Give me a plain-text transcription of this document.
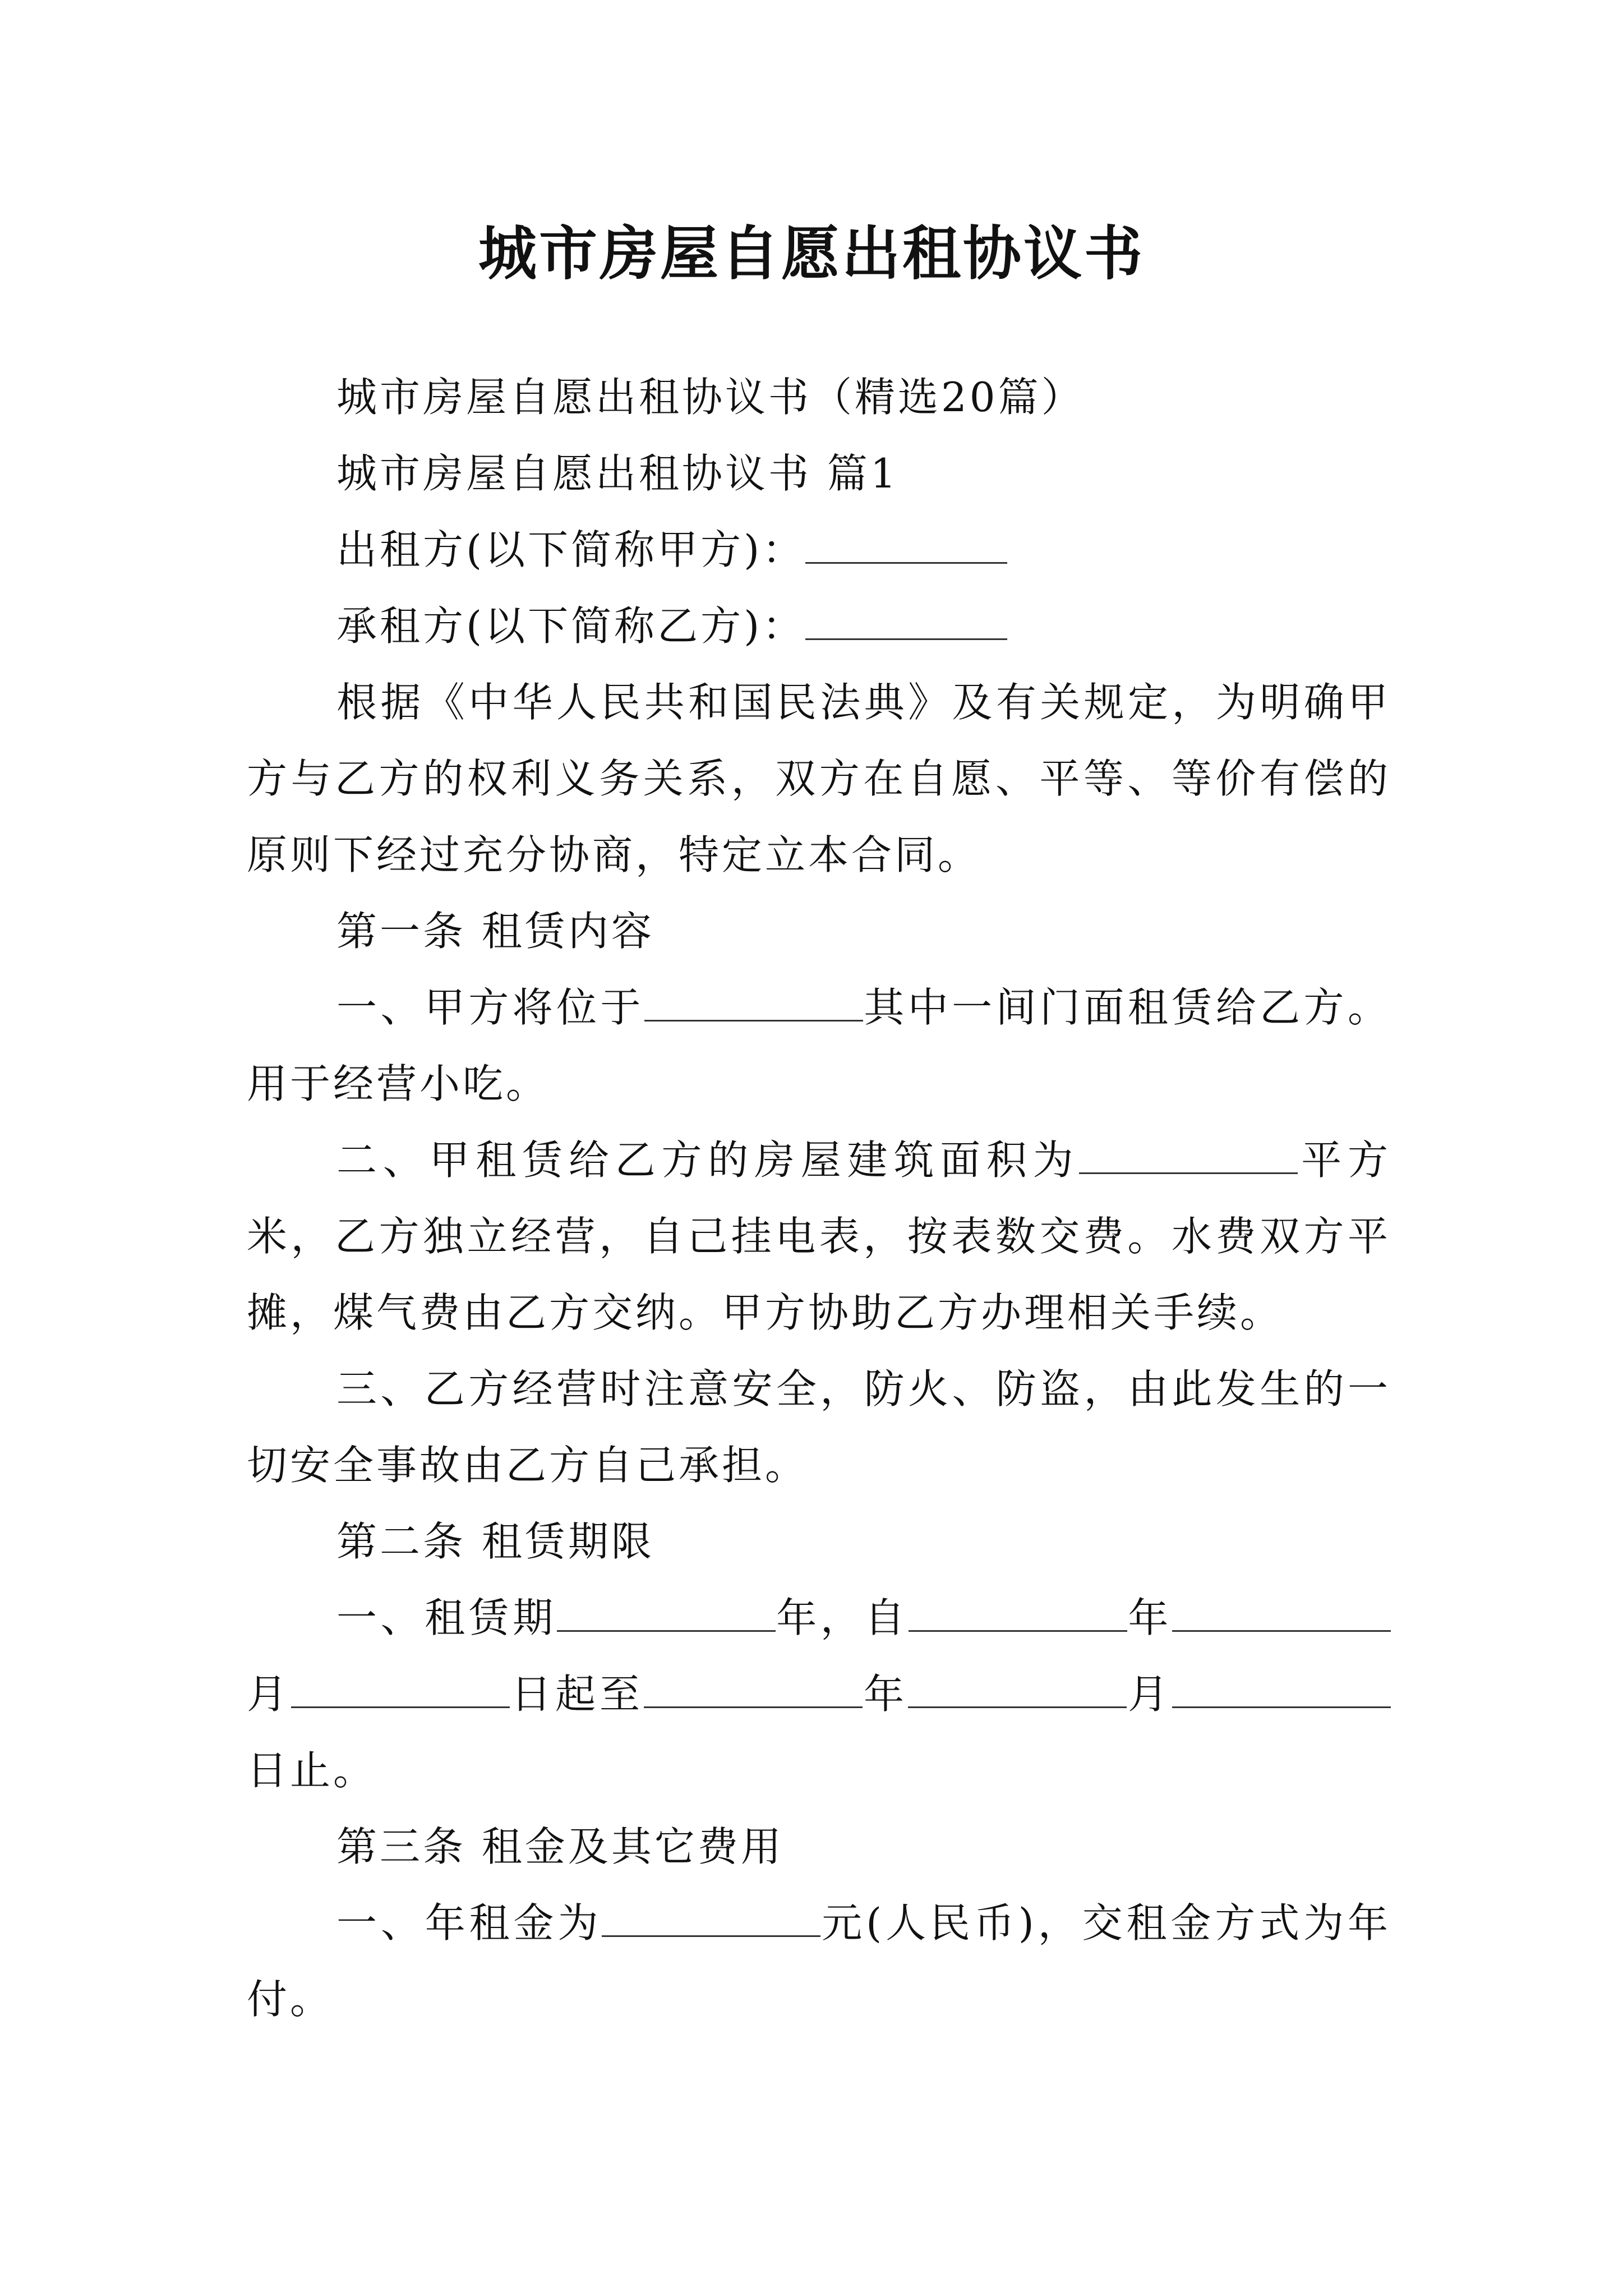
城市房屋自愿出租协议书

城市房屋自愿出租协议书（精选20篇）

城市房屋自愿出租协议书 篇1

出租方(以下简称甲方)：

承租方(以下简称乙方)：

根据《中华人民共和国民法典》及有关规定，为明确甲方与乙方的权利义务关系，双方在自愿、平等、等价有偿的原则下经过充分协商，特定立本合同。

第一条 租赁内容

一、甲方将位于	其中一间门面租赁给乙方。用于经营小吃。

二、甲租赁给乙方的房屋建筑面积为	平方米，乙方独立经营，自己挂电表，按表数交费。水费双方平摊，煤气费由乙方交纳。甲方协助乙方办理相关手续。

三、乙方经营时注意安全，防火、防盗，由此发生的一切安全事故由乙方自己承担。

第二条 租赁期限

一、租赁期	年，自	年月	日起至	年	月日止。

第三条 租金及其它费用

一、年租金为	元(人民币)，交租金方式为年付。
